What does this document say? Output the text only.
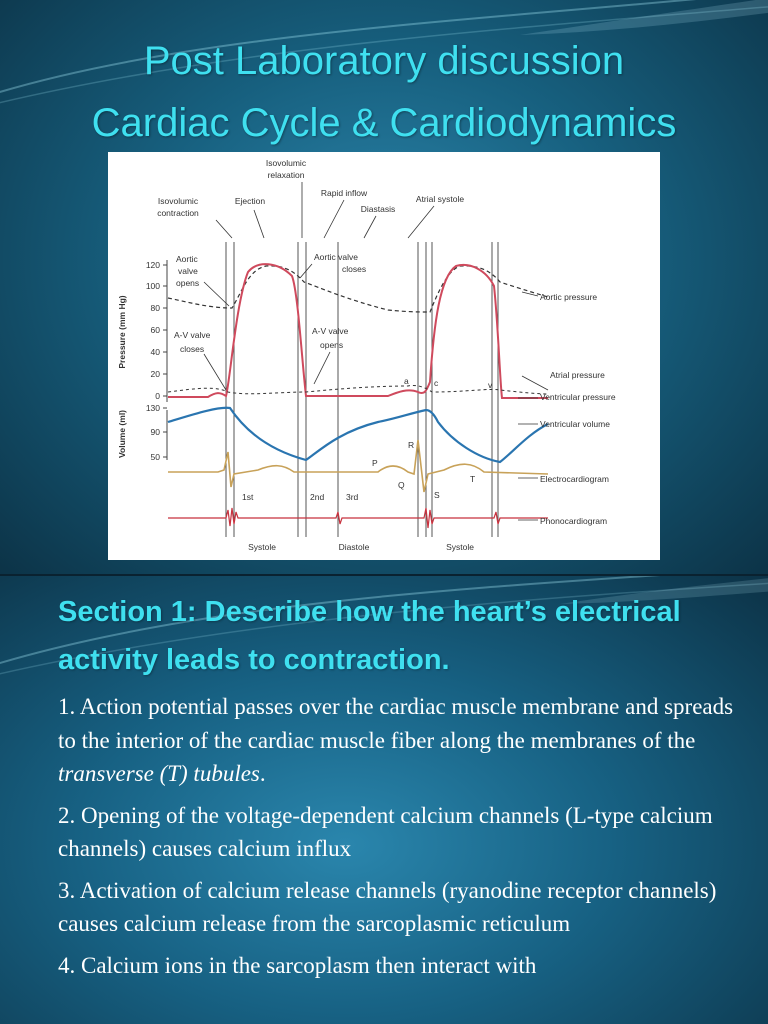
Post Laboratory discussion
Cardiac Cycle & Cardiodynamics
120
100
80
60
40
20
0
130
90
50
Pressure (mm Hg)
Volume (ml)
Isovolumic
relaxation
Isovolumic
contraction
Ejection
Rapid inflow
Diastasis
Atrial systole
Aortic
valve
opens
Aortic valve
closes
A-V valve
closes
A-V valve
opens
Aortic pressure
Atrial pressure
Ventricular pressure
Ventricular volume
Electrocardiogram
Phonocardiogram
a	c	v
P
Q
R
S
T
1st	2nd	3rd
Systole	Diastole	Systole
Section 1: Describe how the heart’s electrical activity leads to contraction.
1. Action potential passes over the cardiac muscle membrane and spreads to the interior of the cardiac muscle fiber along the membranes of the transverse (T) tubules.
2. Opening of the voltage-dependent calcium channels (L-type calcium channels) causes calcium influx
3. Activation of calcium release channels (ryanodine receptor channels) causes calcium release from the sarcoplasmic reticulum
4. Calcium ions in the sarcoplasm then interact with
